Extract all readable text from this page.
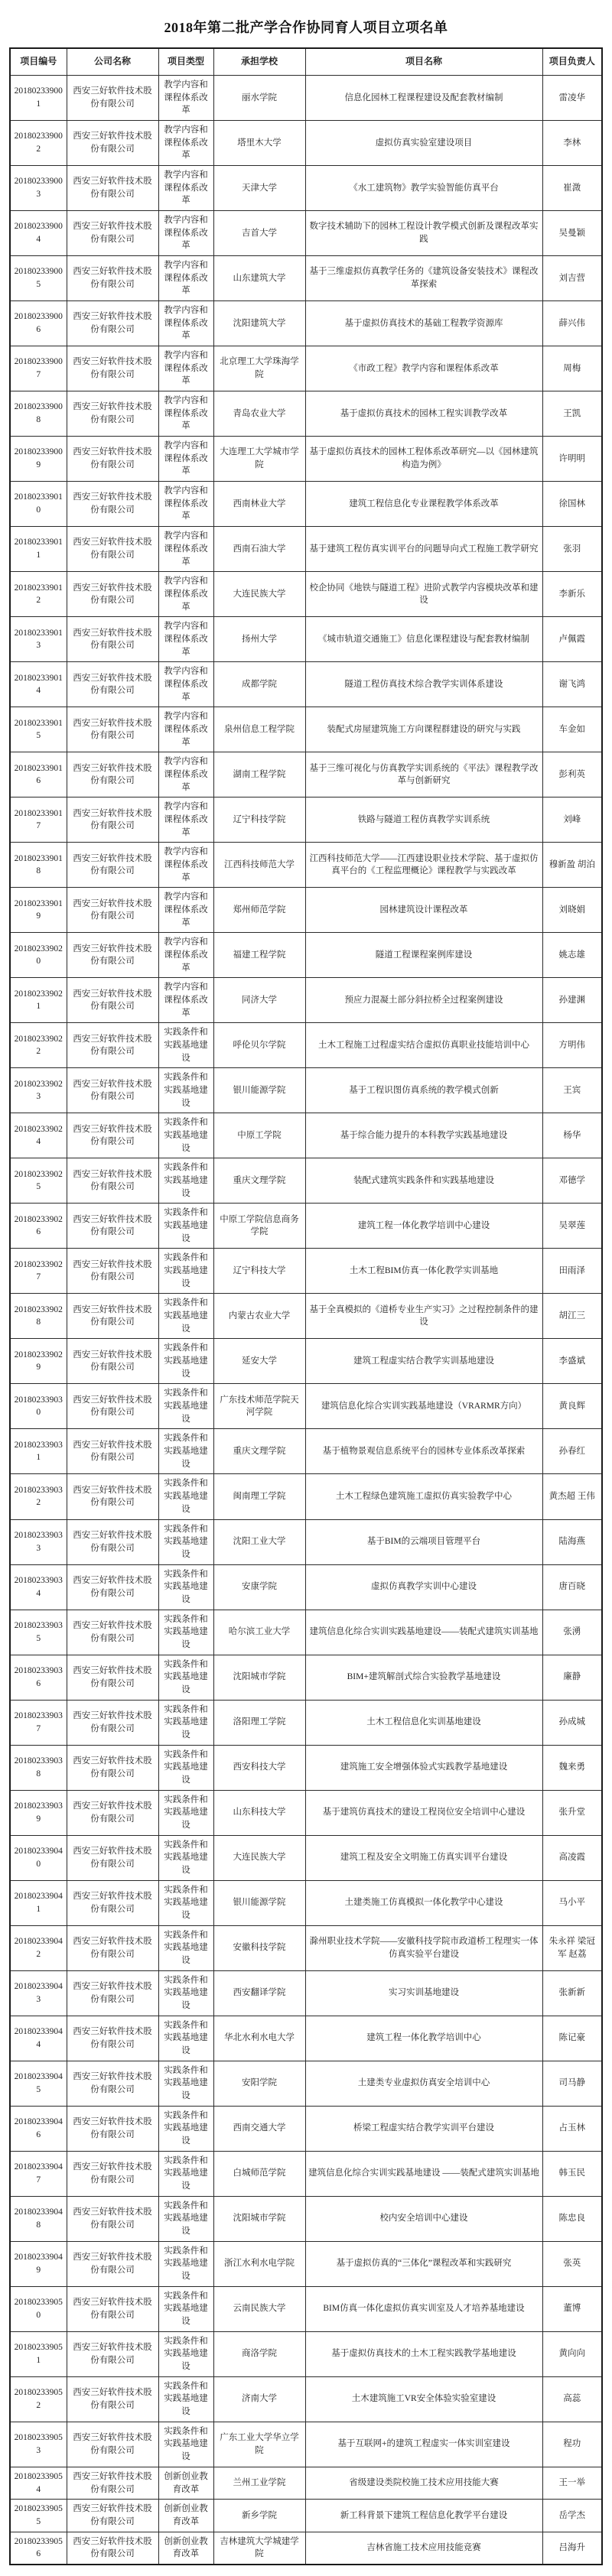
2018年第二批产学合作协同育人项目立项名单
项目编号	公司名称	项目类型	承担学校	项目名称	项目负责人
201802339001	西安三好软件技术股份有限公司	教学内容和课程体系改革	丽水学院	信息化园林工程课程建设及配套教材编制	雷凌华
201802339002	西安三好软件技术股份有限公司	教学内容和课程体系改革	塔里木大学	虚拟仿真实验室建设项目	李林
201802339003	西安三好软件技术股份有限公司	教学内容和课程体系改革	天津大学	《水工建筑物》教学实验智能仿真平台	崔溦
201802339004	西安三好软件技术股份有限公司	教学内容和课程体系改革	吉首大学	数字技术辅助下的园林工程设计教学模式创新及课程改革实践	吴曼颖
201802339005	西安三好软件技术股份有限公司	教学内容和课程体系改革	山东建筑大学	基于三维虚拟仿真教学任务的《建筑设备安装技术》课程改革探索	刘吉营
201802339006	西安三好软件技术股份有限公司	教学内容和课程体系改革	沈阳建筑大学	基于虚拟仿真技术的基础工程教学资源库	薛兴伟
201802339007	西安三好软件技术股份有限公司	教学内容和课程体系改革	北京理工大学珠海学院	《市政工程》教学内容和课程体系改革	周梅
201802339008	西安三好软件技术股份有限公司	教学内容和课程体系改革	青岛农业大学	基于虚拟仿真技术的园林工程实训教学改革	王凯
201802339009	西安三好软件技术股份有限公司	教学内容和课程体系改革	大连理工大学城市学院	基于虚拟仿真技术的园林工程体系改革研究—以《园林建筑构造为例》	许明明
201802339010	西安三好软件技术股份有限公司	教学内容和课程体系改革	西南林业大学	建筑工程信息化专业课程教学体系改革	徐国林
201802339011	西安三好软件技术股份有限公司	教学内容和课程体系改革	西南石油大学	基于建筑工程仿真实训平台的问题导向式工程施工教学研究	张羽
201802339012	西安三好软件技术股份有限公司	教学内容和课程体系改革	大连民族大学	校企协同《地铁与隧道工程》进阶式教学内容模块改革和建设	李新乐
201802339013	西安三好软件技术股份有限公司	教学内容和课程体系改革	扬州大学	《城市轨道交通施工》信息化课程建设与配套教材编制	卢佩霞
201802339014	西安三好软件技术股份有限公司	教学内容和课程体系改革	成都学院	隧道工程仿真技术综合教学实训体系建设	谢飞鸿
201802339015	西安三好软件技术股份有限公司	教学内容和课程体系改革	泉州信息工程学院	装配式房屋建筑施工方向课程群建设的研究与实践	车金如
201802339016	西安三好软件技术股份有限公司	教学内容和课程体系改革	湖南工程学院	基于三维可视化与仿真教学实训系统的《平法》课程教学改革与创新研究	彭利英
201802339017	西安三好软件技术股份有限公司	教学内容和课程体系改革	辽宁科技学院	铁路与隧道工程仿真教学实训系统	刘峰
201802339018	西安三好软件技术股份有限公司	教学内容和课程体系改革	江西科技师范大学	江西科技师范大学——江西建设职业技术学院、基于虚拟仿真平台的《工程监理概论》课程教学与实践改革	穆新盈 胡泊
201802339019	西安三好软件技术股份有限公司	教学内容和课程体系改革	郑州师范学院	园林建筑设计课程改革	刘晓娟
201802339020	西安三好软件技术股份有限公司	教学内容和课程体系改革	福建工程学院	隧道工程课程案例库建设	姚志雄
201802339021	西安三好软件技术股份有限公司	教学内容和课程体系改革	同济大学	预应力混凝土部分斜拉桥全过程案例建设	孙建渊
201802339022	西安三好软件技术股份有限公司	实践条件和实践基地建设	呼伦贝尔学院	土木工程施工过程虚实结合虚拟仿真职业技能培训中心	方明伟
201802339023	西安三好软件技术股份有限公司	实践条件和实践基地建设	银川能源学院	基于工程识图仿真系统的教学模式创新	王宾
201802339024	西安三好软件技术股份有限公司	实践条件和实践基地建设	中原工学院	基于综合能力提升的本科教学实践基地建设	杨华
201802339025	西安三好软件技术股份有限公司	实践条件和实践基地建设	重庆文理学院	装配式建筑实践条件和实践基地建设	邓德学
201802339026	西安三好软件技术股份有限公司	实践条件和实践基地建设	中原工学院信息商务学院	建筑工程一体化教学培训中心建设	吴翠莲
201802339027	西安三好软件技术股份有限公司	实践条件和实践基地建设	辽宁科技大学	土木工程BIM仿真一体化教学实训基地	田雨泽
201802339028	西安三好软件技术股份有限公司	实践条件和实践基地建设	内蒙古农业大学	基于全真模拟的《道桥专业生产实习》之过程控制条件的建设	胡江三
201802339029	西安三好软件技术股份有限公司	实践条件和实践基地建设	延安大学	建筑工程虚实结合教学实训基地建设	李盛斌
201802339030	西安三好软件技术股份有限公司	实践条件和实践基地建设	广东技术师范学院天河学院	建筑信息化综合实训实践基地建设（VRARMR方向）	黄良辉
201802339031	西安三好软件技术股份有限公司	实践条件和实践基地建设	重庆文理学院	基于植物景观信息系统平台的园林专业体系改革探索	孙春红
201802339032	西安三好软件技术股份有限公司	实践条件和实践基地建设	闽南理工学院	土木工程绿色建筑施工虚拟仿真实验教学中心	黄杰超 王伟
201802339033	西安三好软件技术股份有限公司	实践条件和实践基地建设	沈阳工业大学	基于BIM的云端项目管理平台	陆海燕
201802339034	西安三好软件技术股份有限公司	实践条件和实践基地建设	安康学院	虚拟仿真教学实训中心建设	唐百晓
201802339035	西安三好软件技术股份有限公司	实践条件和实践基地建设	哈尔滨工业大学	建筑信息化综合实训实践基地建设——装配式建筑实训基地	张湧
201802339036	西安三好软件技术股份有限公司	实践条件和实践基地建设	沈阳城市学院	BIM+建筑解剖式综合实验教学基地建设	廉静
201802339037	西安三好软件技术股份有限公司	实践条件和实践基地建设	洛阳理工学院	土木工程信息化实训基地建设	孙成城
201802339038	西安三好软件技术股份有限公司	实践条件和实践基地建设	西安科技大学	建筑施工安全增强体验式实践教学基地建设	魏来勇
201802339039	西安三好软件技术股份有限公司	实践条件和实践基地建设	山东科技大学	基于建筑仿真技术的建设工程岗位安全培训中心建设	张升堂
201802339040	西安三好软件技术股份有限公司	实践条件和实践基地建设	大连民族大学	建筑工程及安全文明施工仿真实训平台建设	高凌霞
201802339041	西安三好软件技术股份有限公司	实践条件和实践基地建设	银川能源学院	土建类施工仿真模拟一体化教学中心建设	马小平
201802339042	西安三好软件技术股份有限公司	实践条件和实践基地建设	安徽科技学院	滁州职业技术学院——安徽科技学院市政道桥工程理实一体仿真实验平台建设	朱永祥 梁冠军 赵荔
201802339043	西安三好软件技术股份有限公司	实践条件和实践基地建设	西安翻译学院	实习实训基地建设	张新新
201802339044	西安三好软件技术股份有限公司	实践条件和实践基地建设	华北水利水电大学	建筑工程一体化教学培训中心	陈记豪
201802339045	西安三好软件技术股份有限公司	实践条件和实践基地建设	安阳学院	土建类专业虚拟仿真安全培训中心	司马静
201802339046	西安三好软件技术股份有限公司	实践条件和实践基地建设	西南交通大学	桥梁工程虚实结合教学实训平台建设	占玉林
201802339047	西安三好软件技术股份有限公司	实践条件和实践基地建设	白城师范学院	建筑信息化综合实训实践基地建设 ——装配式建筑实训基地	韩玉民
201802339048	西安三好软件技术股份有限公司	实践条件和实践基地建设	沈阳城市学院	校内安全培训中心建设	陈忠良
201802339049	西安三好软件技术股份有限公司	实践条件和实践基地建设	浙江水利水电学院	基于虚拟仿真的“三体化”课程改革和实践研究	张英
201802339050	西安三好软件技术股份有限公司	实践条件和实践基地建设	云南民族大学	BIM仿真一体化虚拟仿真实训室及人才培养基地建设	董博
201802339051	西安三好软件技术股份有限公司	实践条件和实践基地建设	商洛学院	基于虚拟仿真技术的土木工程实践教学基地建设	黄向向
201802339052	西安三好软件技术股份有限公司	实践条件和实践基地建设	济南大学	土木建筑施工VR安全体验实验室建设	高蕊
201802339053	西安三好软件技术股份有限公司	实践条件和实践基地建设	广东工业大学华立学院	基于互联网+的建筑工程虚实一体实训室建设	程功
201802339054	西安三好软件技术股份有限公司	创新创业教育改革	兰州工业学院	省级建设类院校施工技术应用技能大赛	王一举
201802339055	西安三好软件技术股份有限公司	创新创业教育改革	新乡学院	新工科背景下建筑工程信息化教学平台建设	岳学杰
201802339056	西安三好软件技术股份有限公司	创新创业教育改革	吉林建筑大学城建学院	吉林省施工技术应用技能竞赛	吕海升
